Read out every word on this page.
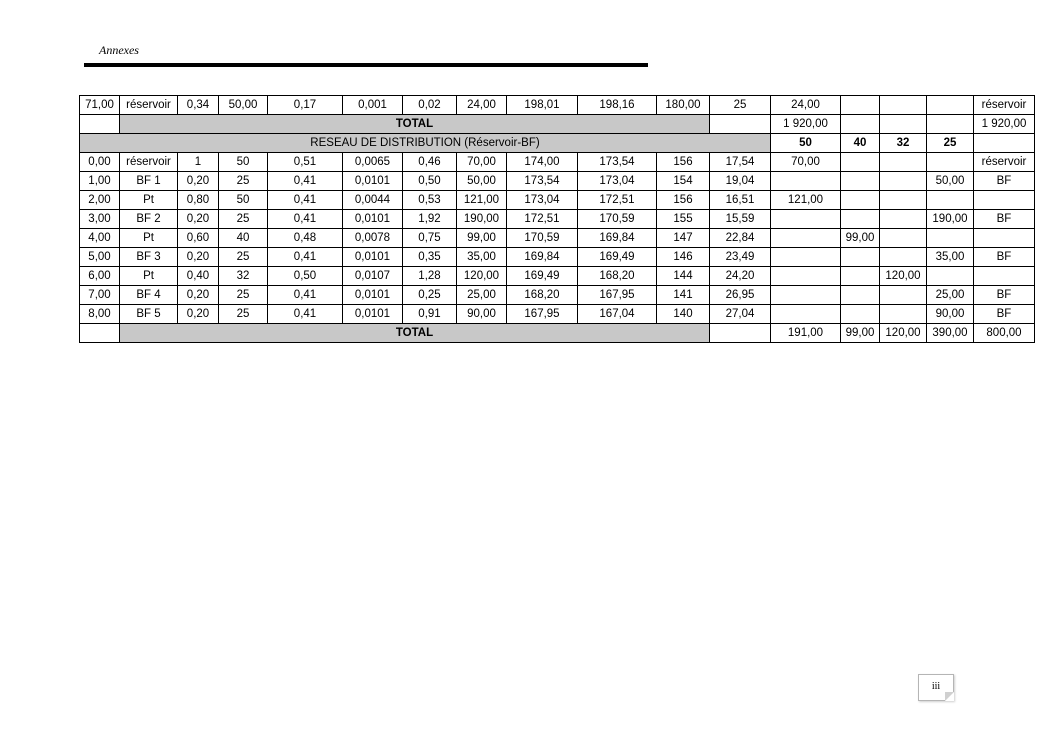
Annexes
71,00	réservoir	0,34	50,00	0,17	0,001	0,02	24,00	198,01	198,16	180,00	25	24,00				réservoir
	TOTAL											1 920,00				1 920,00
RESEAU DE DISTRIBUTION (Réservoir-BF)												50	40	32	25	
0,00	réservoir	1	50	0,51	0,0065	0,46	70,00	174,00	173,54	156	17,54	70,00				réservoir
1,00	BF 1	0,20	25	0,41	0,0101	0,50	50,00	173,54	173,04	154	19,04				50,00	BF
2,00	Pt	0,80	50	0,41	0,0044	0,53	121,00	173,04	172,51	156	16,51	121,00				
3,00	BF 2	0,20	25	0,41	0,0101	1,92	190,00	172,51	170,59	155	15,59				190,00	BF
4,00	Pt	0,60	40	0,48	0,0078	0,75	99,00	170,59	169,84	147	22,84		99,00			
5,00	BF 3	0,20	25	0,41	0,0101	0,35	35,00	169,84	169,49	146	23,49				35,00	BF
6,00	Pt	0,40	32	0,50	0,0107	1,28	120,00	169,49	168,20	144	24,20			120,00		
7,00	BF 4	0,20	25	0,41	0,0101	0,25	25,00	168,20	167,95	141	26,95				25,00	BF
8,00	BF 5	0,20	25	0,41	0,0101	0,91	90,00	167,95	167,04	140	27,04				90,00	BF
	TOTAL											191,00	99,00	120,00	390,00	800,00
iii
